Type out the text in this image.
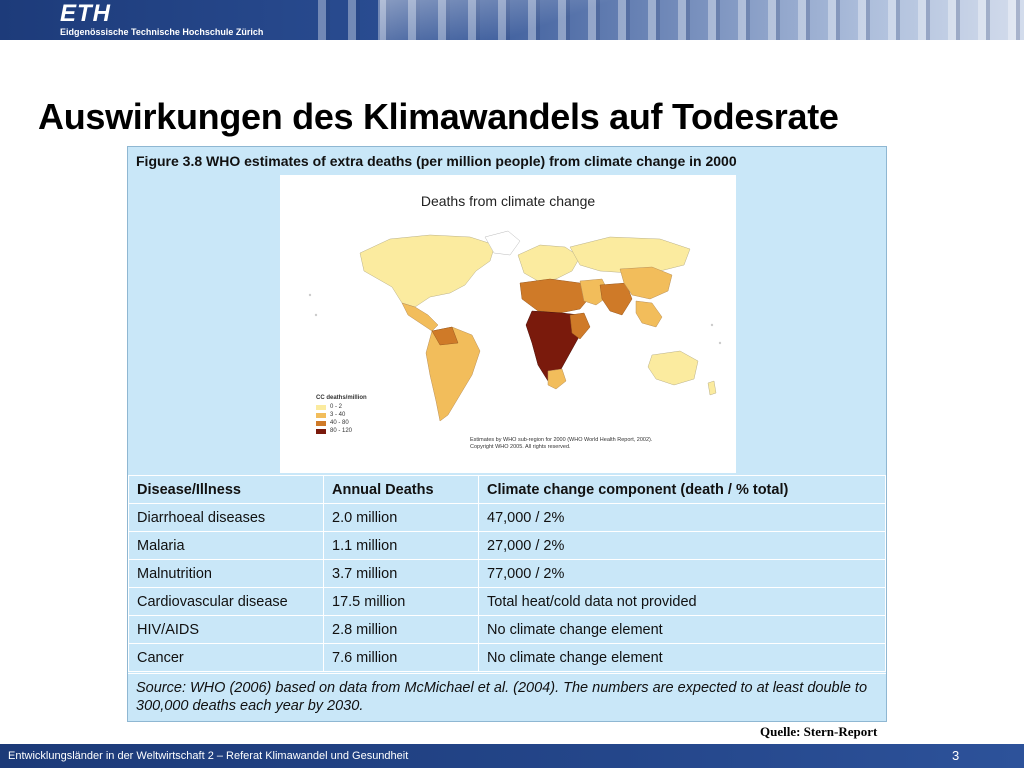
ETH
Eidgenössische Technische Hochschule Zürich
Auswirkungen des Klimawandels auf Todesrate
Figure 3.8 WHO estimates of extra deaths (per million people) from climate change in 2000
Deaths from climate change
CC deaths/million
0 - 2
3 - 40
40 - 80
80 - 120
Estimates by WHO sub-region for 2000 (WHO World Health Report, 2002).
Copyright WHO 2005. All rights reserved.
Disease/Illness	Annual Deaths	Climate change component (death / % total)
Diarrhoeal diseases	2.0 million	47,000 / 2%
Malaria	1.1 million	27,000 / 2%
Malnutrition	3.7 million	77,000 / 2%
Cardiovascular disease	17.5 million	Total heat/cold data not provided
HIV/AIDS	2.8 million	No climate change element
Cancer	7.6 million	No climate change element
Source: WHO (2006) based on data from McMichael et al. (2004). The numbers are expected to at least double to 300,000 deaths each year by 2030.
Quelle: Stern-Report
Entwicklungsländer in der Weltwirtschaft 2 – Referat Klimawandel und Gesundheit	3
